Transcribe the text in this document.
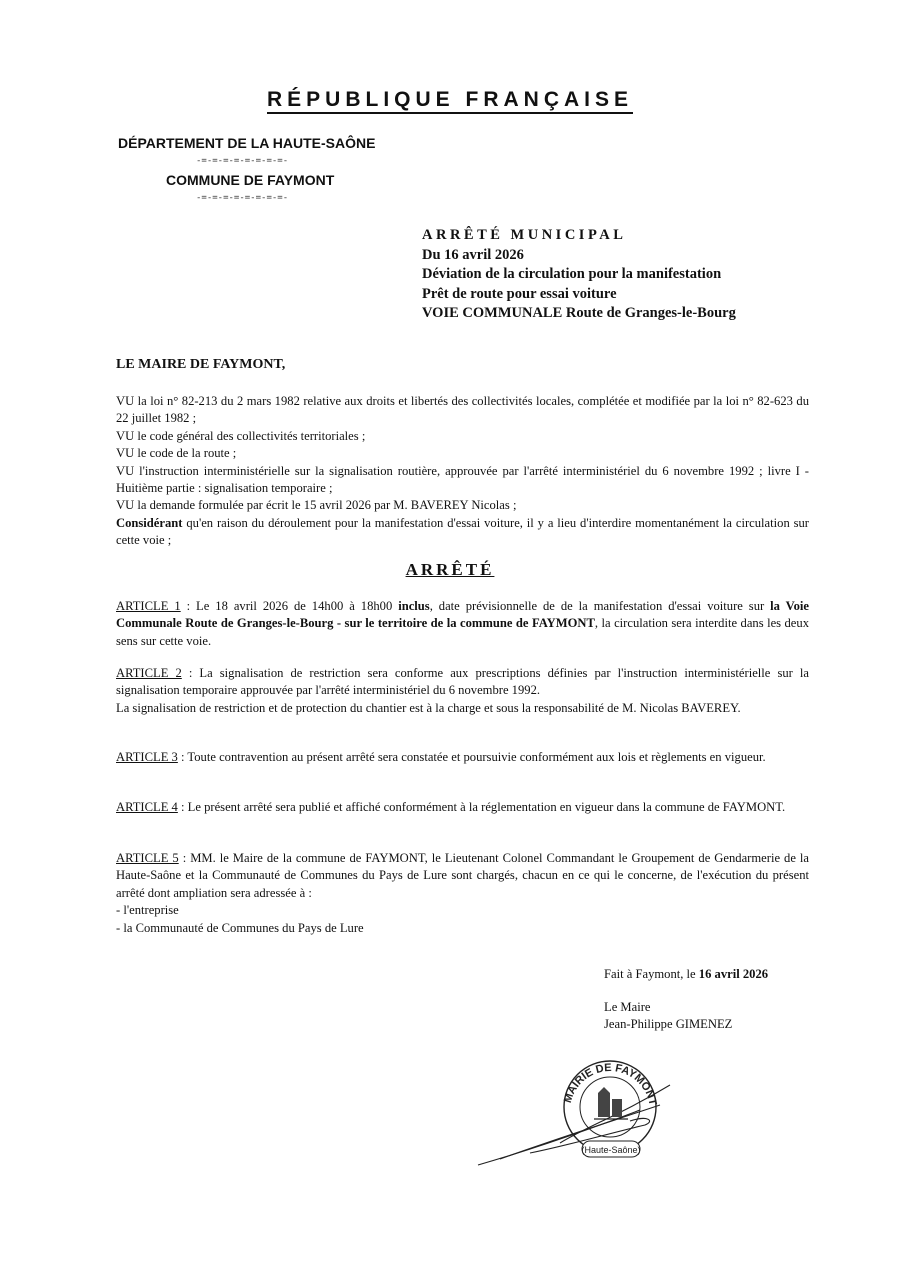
RÉPUBLIQUE FRANÇAISE
DÉPARTEMENT DE LA HAUTE-SAÔNE
-=-=-=-=-=-=-=-=-
COMMUNE DE FAYMONT
-=-=-=-=-=-=-=-=-
ARRÊTÉ MUNICIPAL
Du 16 avril 2026
Déviation de la circulation pour la manifestation
Prêt de route pour essai voiture
VOIE COMMUNALE Route de Granges-le-Bourg
LE MAIRE DE FAYMONT,

VU la loi n° 82-213 du 2 mars 1982 relative aux droits et libertés des collectivités locales, complétée et modifiée par la loi n° 82-623 du 22 juillet 1982 ;

VU le code général des collectivités territoriales ;

VU le code de la route ;

VU l'instruction interministérielle sur la signalisation routière, approuvée par l'arrêté interministériel du 6 novembre 1992 ; livre I - Huitième partie : signalisation temporaire ;

VU la demande formulée par écrit le 15 avril 2026 par M. BAVEREY Nicolas ;

Considérant qu'en raison du déroulement pour la manifestation d'essai voiture, il y a lieu d'interdire momentanément la circulation sur cette voie ;

ARRÊTÉ

ARTICLE 1 : Le 18 avril 2026 de 14h00 à 18h00 inclus, date prévisionnelle de de la manifestation d'essai voiture sur la Voie Communale Route de Granges-le-Bourg - sur le territoire de la commune de FAYMONT, la circulation sera interdite dans les deux sens sur cette voie.

ARTICLE 2 : La signalisation de restriction sera conforme aux prescriptions définies par l'instruction interministérielle sur la signalisation temporaire approuvée par l'arrêté interministériel du 6 novembre 1992.

La signalisation de restriction et de protection du chantier est à la charge et sous la responsabilité de M. Nicolas BAVEREY.

ARTICLE 3 : Toute contravention au présent arrêté sera constatée et poursuivie conformément aux lois et règlements en vigueur.

ARTICLE 4 : Le présent arrêté sera publié et affiché conformément à la réglementation en vigueur dans la commune de FAYMONT.

ARTICLE 5 : MM. le Maire de la commune de FAYMONT, le Lieutenant Colonel Commandant le Groupement de Gendarmerie de la Haute-Saône et la Communauté de Communes du Pays de Lure sont chargés, chacun en ce qui le concerne, de l'exécution du présent arrêté dont ampliation sera adressée à :

- l'entreprise

- la Communauté de Communes du Pays de Lure

Fait à Faymont, le 16 avril 2026
Le Maire
Jean-Philippe GIMENEZ
MAIRIE DE FAYMONT
(Haute-Saône)
